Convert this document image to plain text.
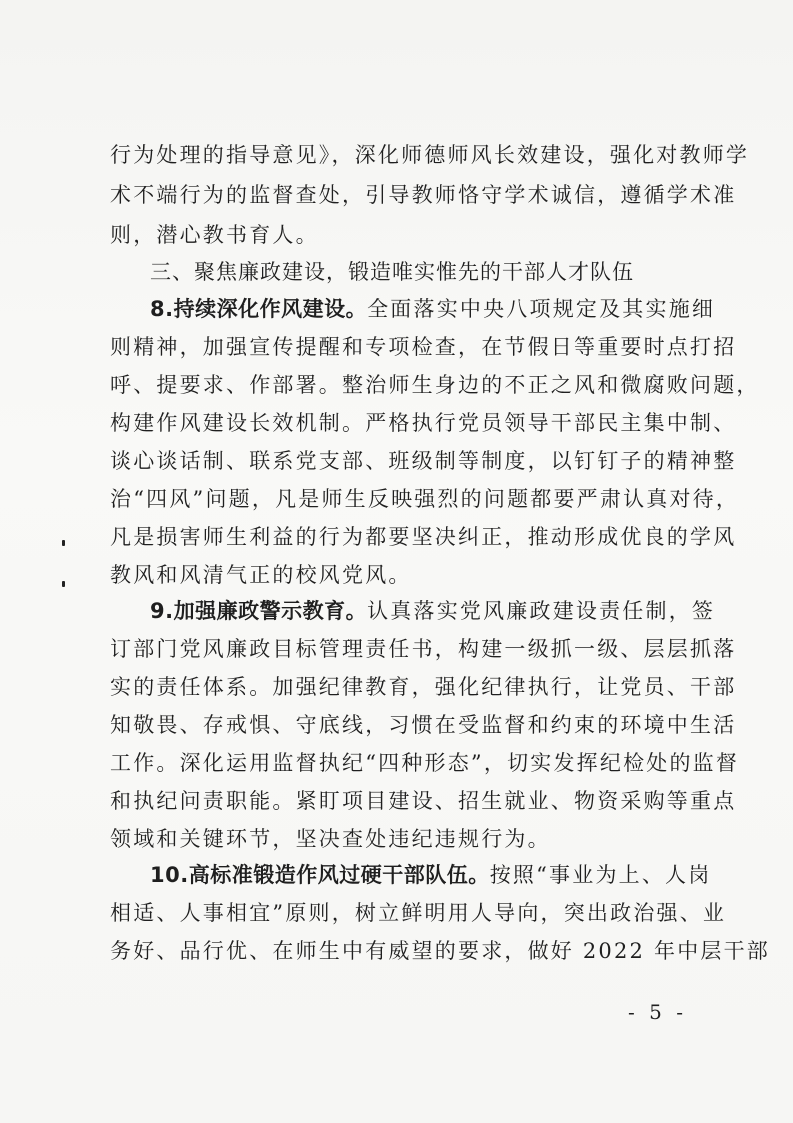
行为处理的指导意见》，深化师德师风长效建设，强化对教师学
术不端行为的监督查处，引导教师恪守学术诚信，遵循学术准
则，潜心教书育人。
三、聚焦廉政建设，锻造唯实惟先的干部人才队伍
8.持续深化作风建设。全面落实中央八项规定及其实施细
则精神，加强宣传提醒和专项检查，在节假日等重要时点打招
呼、提要求、作部署。整治师生身边的不正之风和微腐败问题，
构建作风建设长效机制。严格执行党员领导干部民主集中制、
谈心谈话制、联系党支部、班级制等制度，以钉钉子的精神整
治“四风”问题，凡是师生反映强烈的问题都要严肃认真对待，
凡是损害师生利益的行为都要坚决纠正，推动形成优良的学风
教风和风清气正的校风党风。
9.加强廉政警示教育。认真落实党风廉政建设责任制，签
订部门党风廉政目标管理责任书，构建一级抓一级、层层抓落
实的责任体系。加强纪律教育，强化纪律执行，让党员、干部
知敬畏、存戒惧、守底线，习惯在受监督和约束的环境中生活
工作。深化运用监督执纪“四种形态”，切实发挥纪检处的监督
和执纪问责职能。紧盯项目建设、招生就业、物资采购等重点
领域和关键环节，坚决查处违纪违规行为。
10.高标准锻造作风过硬干部队伍。按照“事业为上、人岗
相适、人事相宜”原则，树立鲜明用人导向，突出政治强、业
务好、品行优、在师生中有威望的要求，做好 2022 年中层干部
- 5 -
